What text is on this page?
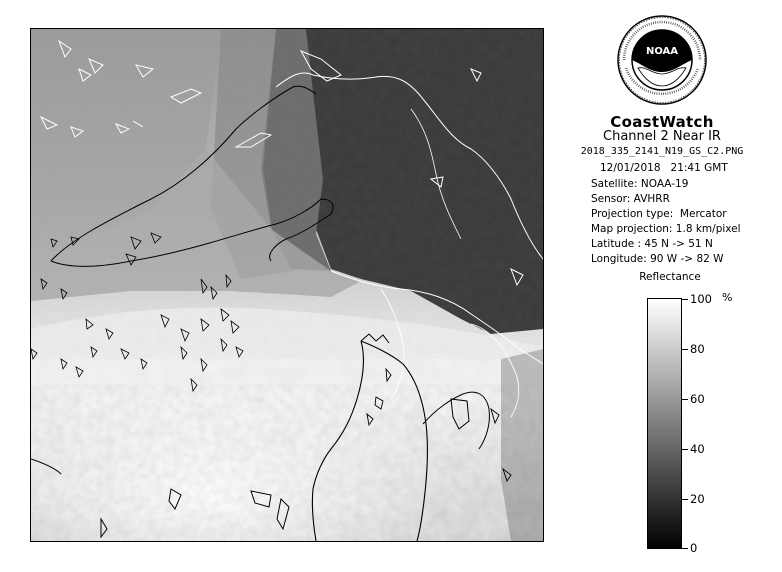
NOAA
CoastWatch
Channel 2 Near IR
2018_335_2141_N19_GS_C2.PNG
12/01/2018   21:41 GMT
Satellite: NOAA-19
Sensor: AVHRR
Projection type:  Mercator
Map projection: 1.8 km/pixel
Latitude : 45 N -> 51 N
Longitude: 90 W -> 82 W
Reflectance
%
100
80
60
40
20
0
